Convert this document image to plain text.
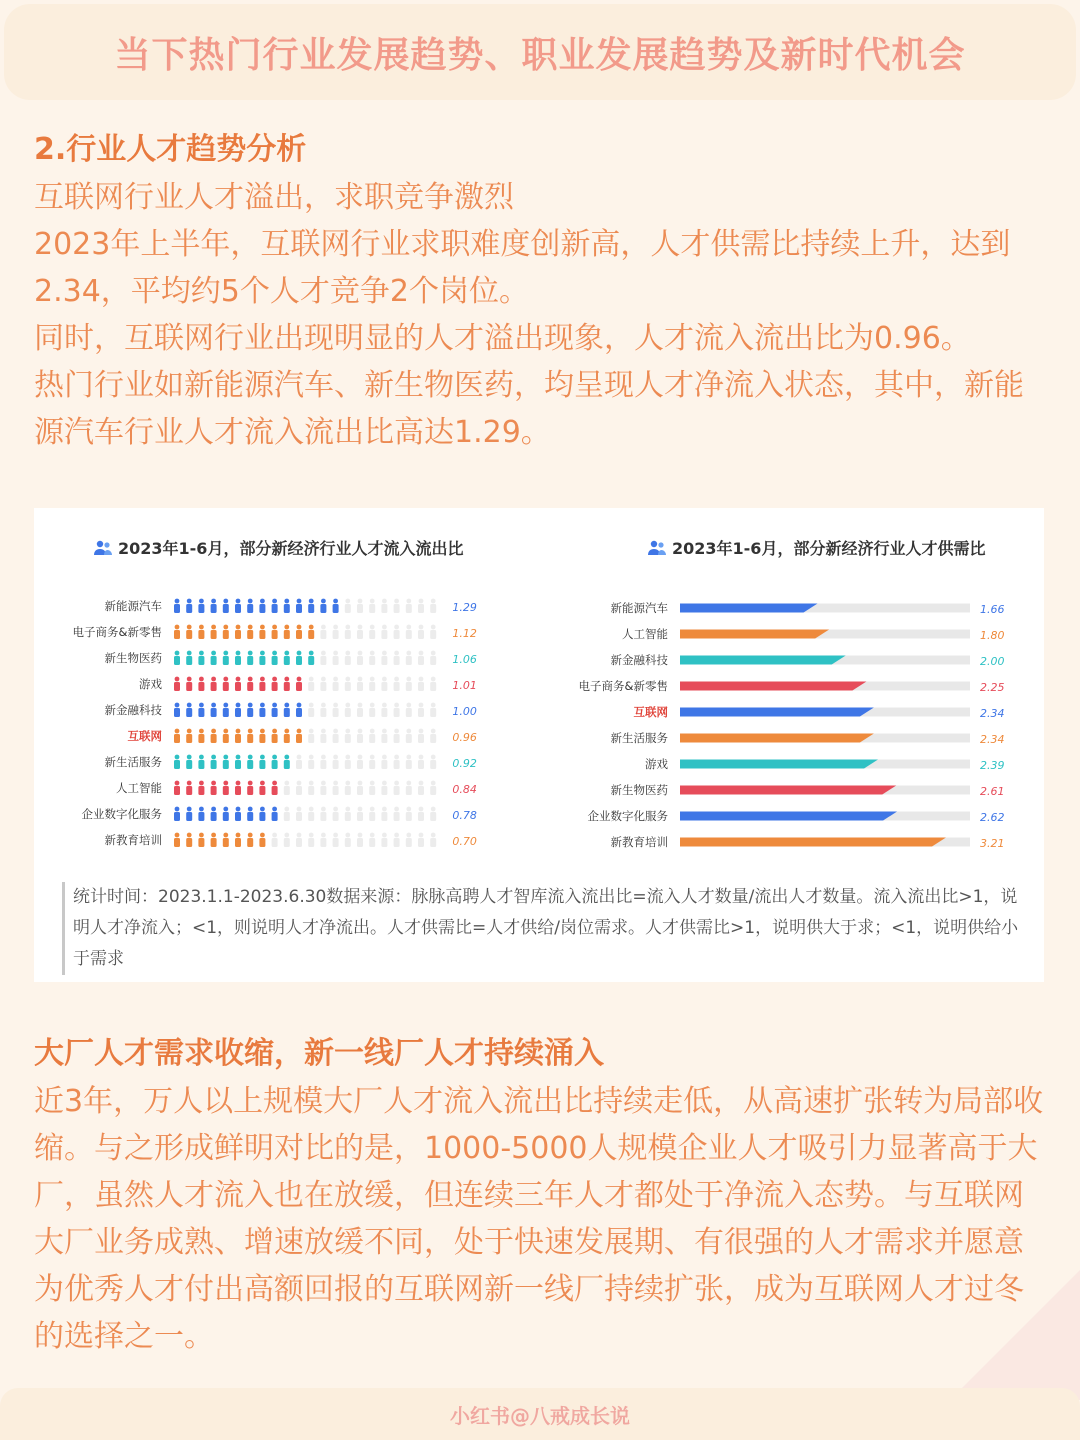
当下热门行业发展趋势、职业发展趋势及新时代机会
2.行业人才趋势分析
互联网行业人才溢出，求职竞争激烈
2023年上半年，互联网行业求职难度创新高，人才供需比持续上升，达到2.34，平均约5个人才竞争2个岗位。
同时，互联网行业出现明显的人才溢出现象，人才流入流出比为0.96。
热门行业如新能源汽车、新生物医药，均呈现人才净流入状态，其中，新能源汽车行业人才流入流出比高达1.29。
2023年1-6月，部分新经济行业人才流入流出比	2023年1-6月，部分新经济行业人才供需比
新能源汽车	1.29
电子商务&新零售	1.12
新生物医药	1.06
游戏	1.01
新金融科技	1.00
互联网	0.96
新生活服务	0.92
人工智能	0.84
企业数字化服务	0.78
新教育培训	0.70
新能源汽车	1.66
人工智能	1.80
新金融科技	2.00
电子商务&新零售	2.25
互联网	2.34
新生活服务	2.34
游戏	2.39
新生物医药	2.61
企业数字化服务	2.62
新教育培训	3.21
统计时间：2023.1.1-2023.6.30数据来源：脉脉高聘人才智库流入流出比=流入人才数量/流出人才数量。流入流出比>1，说明人才净流入；<1，则说明人才净流出。人才供需比=人才供给/岗位需求。人才供需比>1，说明供大于求；<1，说明供给小于需求
大厂人才需求收缩，新一线厂人才持续涌入
近3年，万人以上规模大厂人才流入流出比持续走低，从高速扩张转为局部收缩。与之形成鲜明对比的是，1000-5000人规模企业人才吸引力显著高于大厂，虽然人才流入也在放缓，但连续三年人才都处于净流入态势。与互联网大厂业务成熟、增速放缓不同，处于快速发展期、有很强的人才需求并愿意为优秀人才付出高额回报的互联网新一线厂持续扩张，成为互联网人才过冬的选择之一。
小红书@八戒成长说
